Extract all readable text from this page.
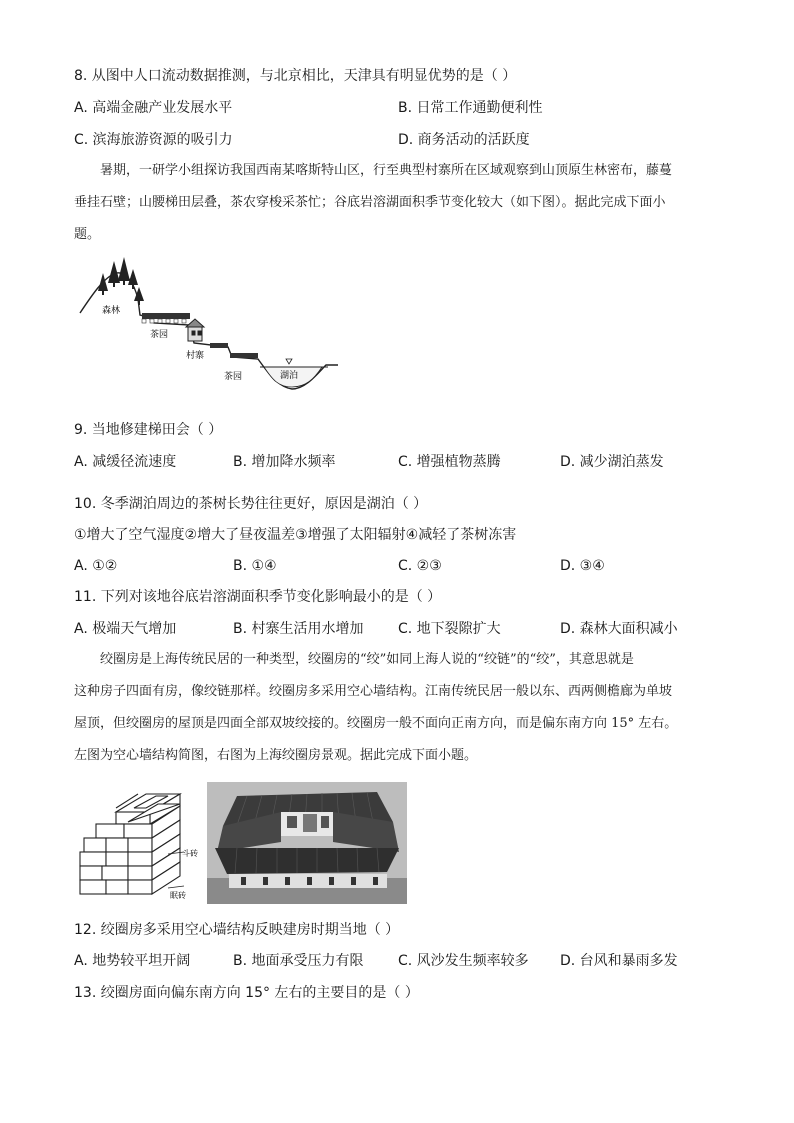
8. 从图中人口流动数据推测，与北京相比，天津具有明显优势的是（ ）
A. 高端金融产业发展水平	B. 日常工作通勤便利性
C. 滨海旅游资源的吸引力	D. 商务活动的活跃度
暑期，一研学小组探访我国西南某喀斯特山区，行至典型村寨所在区域观察到山顶原生林密布，藤蔓
垂挂石壁；山腰梯田层叠，茶农穿梭采茶忙；谷底岩溶湖面积季节变化较大（如下图）。据此完成下面小
题。
森林
茶园
村寨
茶园	湖泊
9. 当地修建梯田会（ ）
A. 减缓径流速度	B. 增加降水频率	C. 增强植物蒸腾	D. 减少湖泊蒸发
10. 冬季湖泊周边的茶树长势往往更好，原因是湖泊（ ）
①增大了空气湿度②增大了昼夜温差③增强了太阳辐射④减轻了茶树冻害
A. ①②	B. ①④	C. ②③	D. ③④
11. 下列对该地谷底岩溶湖面积季节变化影响最小的是（ ）
A. 极端天气增加	B. 村寨生活用水增加 C. 地下裂隙扩大	D. 森林大面积减小
绞圈房是上海传统民居的一种类型，绞圈房的“绞”如同上海人说的“绞链”的“绞”，其意思就是
这种房子四面有房，像绞链那样。绞圈房多采用空心墙结构。江南传统民居一般以东、西两侧檐廊为单坡
屋顶，但绞圈房的屋顶是四面全部双坡绞接的。绞圈房一般不面向正南方向，而是偏东南方向 15° 左右。
左图为空心墙结构简图，右图为上海绞圈房景观。据此完成下面小题。
斗砖
眠砖
12. 绞圈房多采用空心墙结构反映建房时期当地（ ）
A. 地势较平坦开阔	B. 地面承受压力有限 C. 风沙发生频率较多 D. 台风和暴雨多发
13. 绞圈房面向偏东南方向 15° 左右的主要目的是（ ）
